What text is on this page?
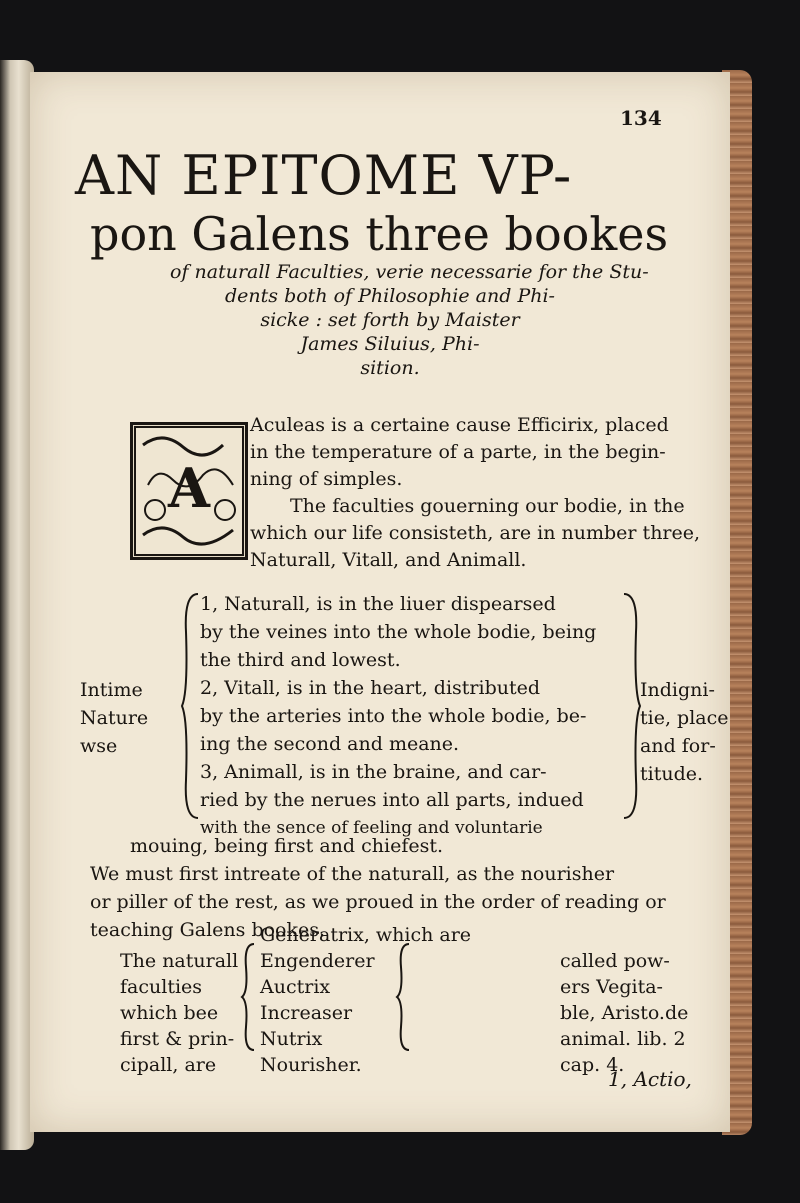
134
AN EPITOME VP-
pon Galens three bookes
of naturall Faculties, verie necessarie for the Stu-
dents both of Philosophie and Phi-
sicke : set forth by Maister
James Siluius, Phi-
sition.
A
Aculeas is a certaine cause Efficirix, placed
in the temperature of a parte, in the begin-
ning of simples.
The faculties gouerning our bodie, in the
which our life consisteth, are in number three,
Naturall, Vitall, and Animall.
Intime
Nature
wse
1, Naturall, is in the liuer dispearsed
by the veines into the whole bodie, being
the third and lowest.
2, Vitall, is in the heart, distributed
by the arteries into the whole bodie, be-
ing the second and meane.
3, Animall, is in the braine, and car-
ried by the nerues into all parts, indued
with the sence of feeling and voluntarie
Indigni-
tie, place
and for-
titude.
mouing, being first and chiefest.
We must first intreate of the naturall, as the nourisher
or piller of the rest, as we proued in the order of reading or
teaching Galens bookes.
The naturall
faculties
which bee
first & prin-
cipall, are
Generatrix, which are
Engenderer
Auctrix
Increaser
Nutrix
Nourisher.
called pow-
ers Vegita-
ble, Aristo.de
animal. lib. 2
cap. 4.
1, Actio,
